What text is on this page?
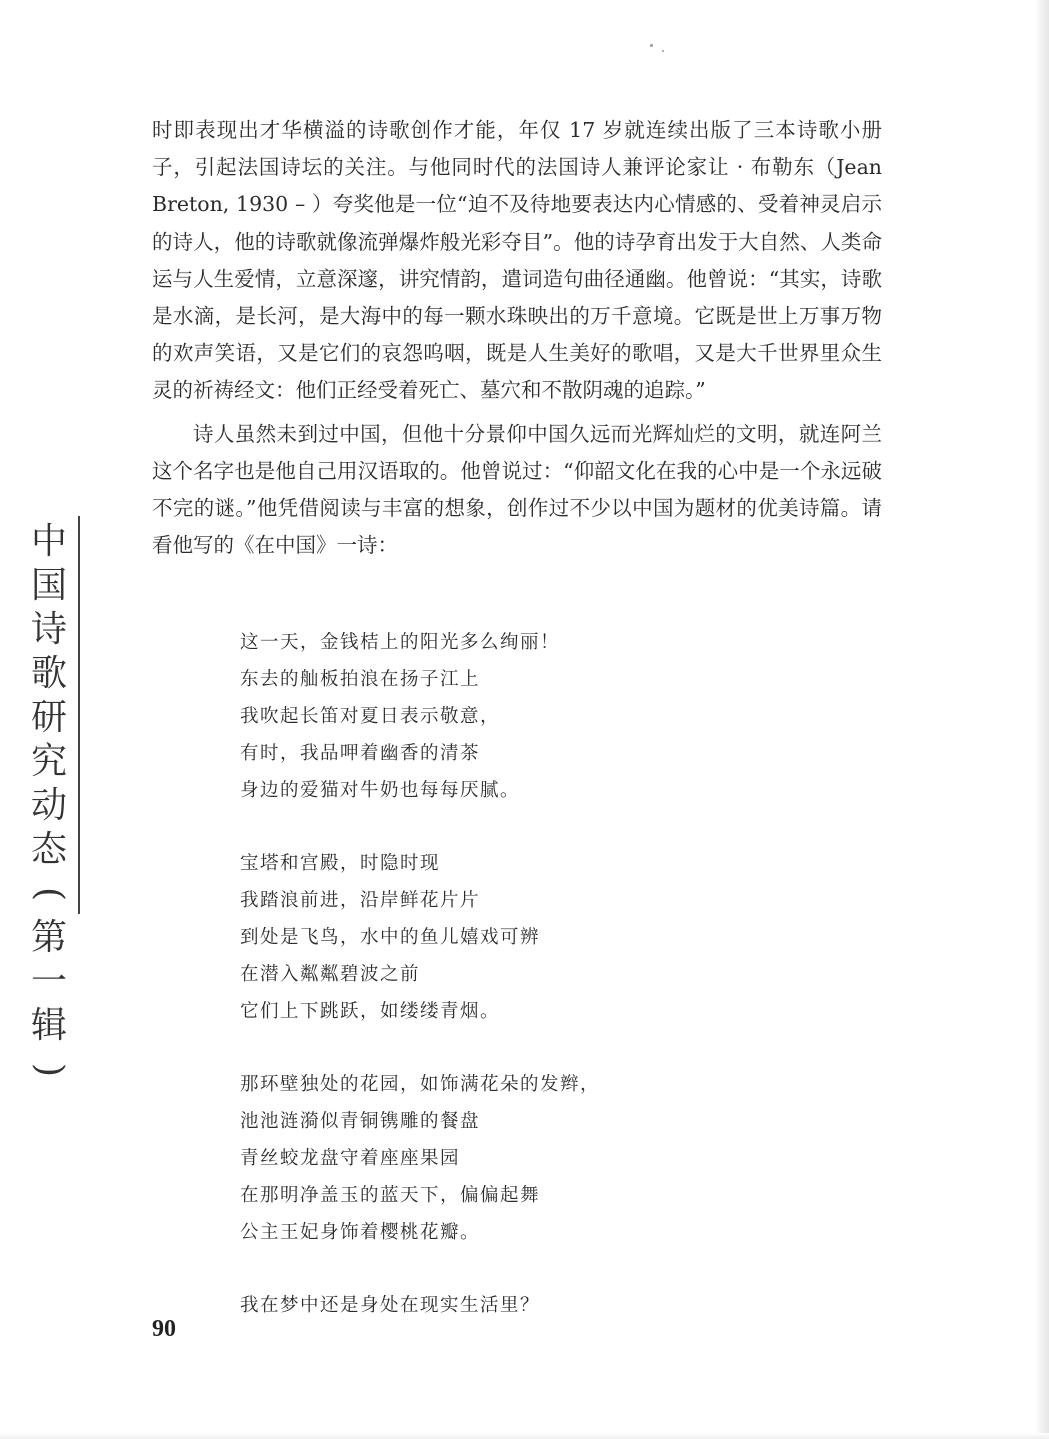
中
国
诗
歌
研
究
动
态
(
第
一
辑
)

时即表现出才华横溢的诗歌创作才能，年仅 17 岁就连续出版了三本诗歌小册子，引起法国诗坛的关注。与他同时代的法国诗人兼评论家让 · 布勒东（Jean Breton, 1930 – ）夸奖他是一位“迫不及待地要表达内心情感的、受着神灵启示的诗人，他的诗歌就像流弹爆炸般光彩夺目”。他的诗孕育出发于大自然、人类命运与人生爱情，立意深邃，讲究情韵，遣词造句曲径通幽。他曾说：“其实，诗歌是水滴，是长河，是大海中的每一颗水珠映出的万千意境。它既是世上万事万物的欢声笑语，又是它们的哀怨呜咽，既是人生美好的歌唱，又是大千世界里众生灵的祈祷经文：他们正经受着死亡、墓穴和不散阴魂的追踪。”

诗人虽然未到过中国，但他十分景仰中国久远而光辉灿烂的文明，就连阿兰这个名字也是他自己用汉语取的。他曾说过：“仰韶文化在我的心中是一个永远破不完的谜。”他凭借阅读与丰富的想象，创作过不少以中国为题材的优美诗篇。请看他写的《在中国》一诗：

这一天，金钱桔上的阳光多么绚丽！
东去的舢板拍浪在扬子江上
我吹起长笛对夏日表示敬意，
有时，我品呷着幽香的清茶
身边的爱猫对牛奶也每每厌腻。
宝塔和宫殿，时隐时现
我踏浪前进，沿岸鲜花片片
到处是飞鸟，水中的鱼儿嬉戏可辨
在潜入粼粼碧波之前
它们上下跳跃，如缕缕青烟。
那环壁独处的花园，如饰满花朵的发辫，
池池涟漪似青铜镌雕的餐盘
青丝蛟龙盘守着座座果园
在那明净盖玉的蓝天下，偏偏起舞
公主王妃身饰着樱桃花瓣。
我在梦中还是身处在现实生活里？
90
